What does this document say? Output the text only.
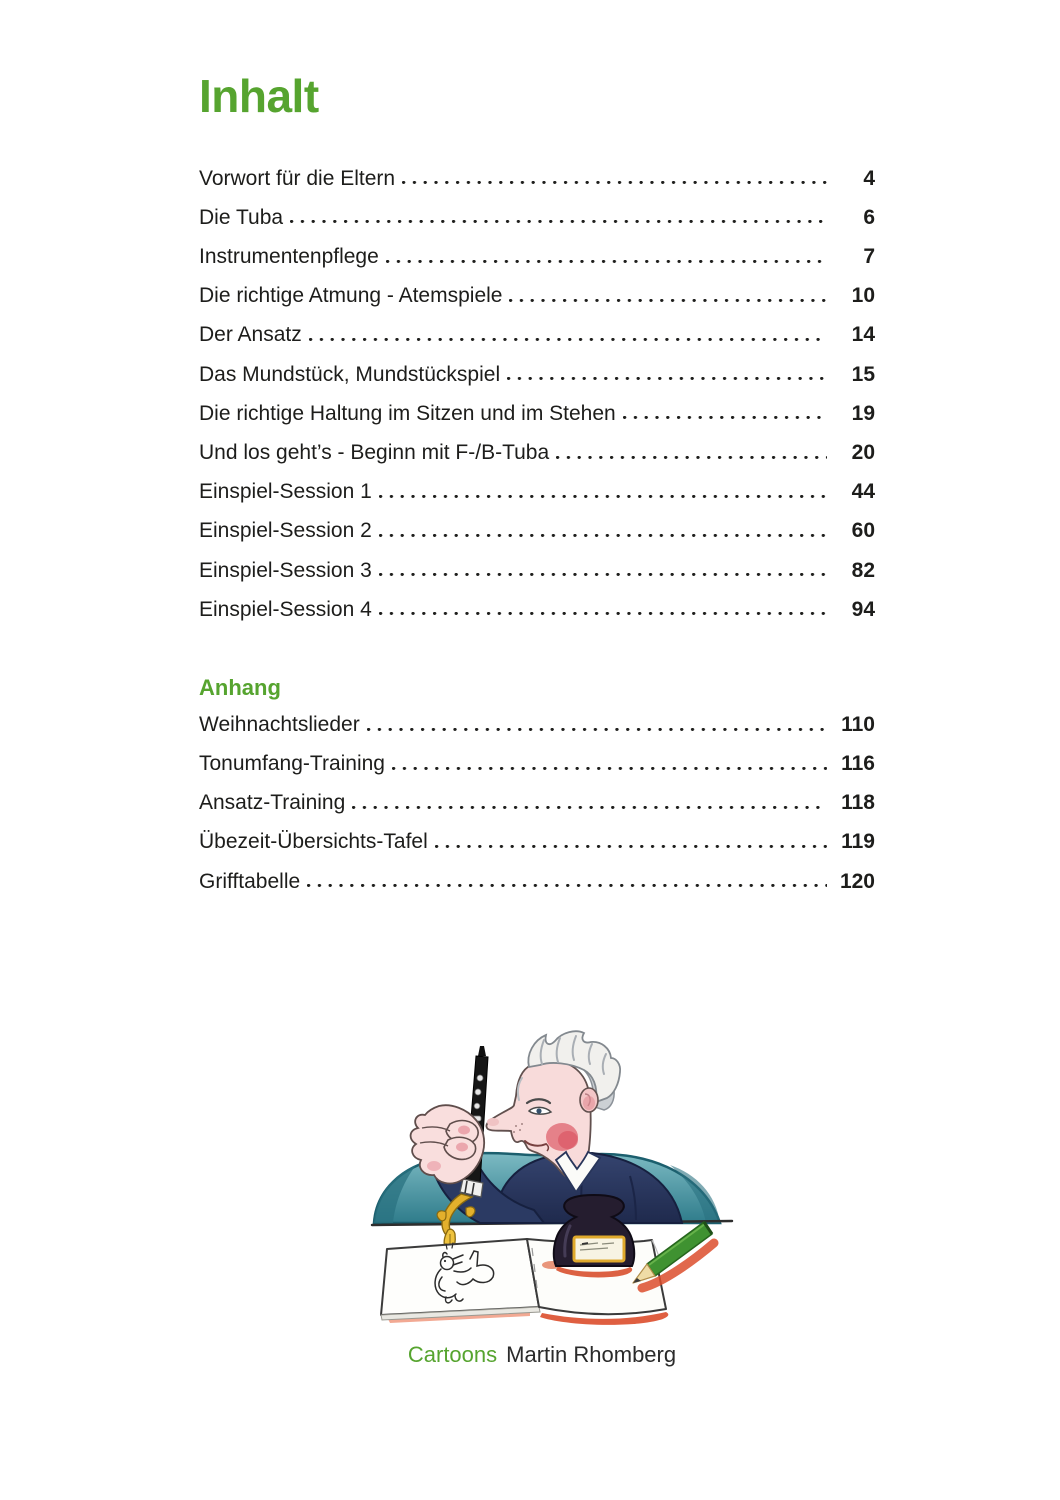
Inhalt
Vorwort für die Eltern	4
Die Tuba	6
Instrumentenpflege	7
Die richtige Atmung - Atemspiele	10
Der Ansatz	14
Das Mundstück, Mundstückspiel	15
Die richtige Haltung im Sitzen und im Stehen	19
Und los geht’s - Beginn mit F-/B-Tuba	20
Einspiel-Session 1	44
Einspiel-Session 2	60
Einspiel-Session 3	82
Einspiel-Session 4	94
Anhang
Weihnachtslieder	110
Tonumfang-Training	116
Ansatz-Training	118
Übezeit-Übersichts-Tafel	119
Grifftabelle	120
Cartoons Martin Rhomberg
